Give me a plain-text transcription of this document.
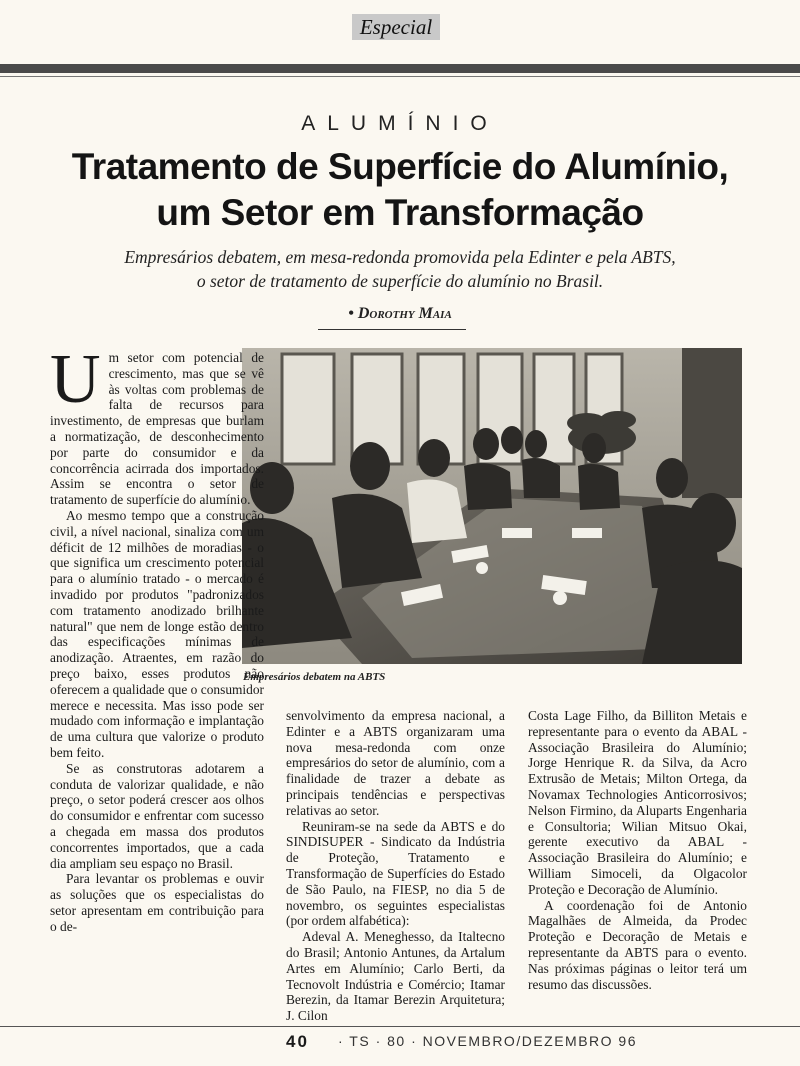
Especial
ALUMÍNIO
Tratamento de Superfície do Alumínio,
um Setor em Transformação
Empresários debatem, em mesa-redonda promovida pela Edinter e pela ABTS,
o setor de tratamento de superfície do alumínio no Brasil.
• Dorothy Maia
Empresários debatem na ABTS
U m setor com potencial de crescimento, mas que se vê às voltas com problemas de falta de recursos para investimento, de empresas que burlam a normatização, de desconhecimento por parte do consumidor e da concorrência acirrada dos importados. Assim se encontra o setor de tratamento de superfície do alumínio.

Ao mesmo tempo que a construção civil, a nível nacional, sinaliza com um déficit de 12 milhões de moradias - o que significa um crescimento potencial para o alumínio tratado - o mercado é invadido por produtos "padronizados com tratamento anodizado brilhante natural" que nem de longe estão dentro das especificações mínimas de anodização. Atraentes, em razão do preço baixo, esses produtos não oferecem a qualidade que o consumidor merece e necessita. Mas isso pode ser mudado com informação e implantação de uma cultura que valorize o produto bem feito.

Se as construtoras adotarem a conduta de valorizar qualidade, e não preço, o setor poderá crescer aos olhos do consumidor e enfrentar com sucesso a chegada em massa dos produtos concorrentes importados, que a cada dia ampliam seu espaço no Brasil.

Para levantar os problemas e ouvir as soluções que os especialistas do setor apresentam em contribuição para o de-

senvolvimento da empresa nacional, a Edinter e a ABTS organizaram uma nova mesa-redonda com onze empresários do setor de alumínio, com a finalidade de trazer a debate as principais tendências e perspectivas relativas ao setor.

Reuniram-se na sede da ABTS e do SINDISUPER - Sindicato da Indústria de Proteção, Tratamento e Transformação de Superfícies do Estado de São Paulo, na FIESP, no dia 5 de novembro, os seguintes especialistas (por ordem alfabética):

Adeval A. Meneghesso, da Italtecno do Brasil; Antonio Antunes, da Artalum Artes em Alumínio; Carlo Berti, da Tecnovolt Indústria e Comércio; Itamar Berezin, da Itamar Berezin Arquitetura; J. Cilon

Costa Lage Filho, da Billiton Metais e representante para o evento da ABAL - Associação Brasileira do Alumínio; Jorge Henrique R. da Silva, da Acro Extrusão de Metais; Milton Ortega, da Novamax Technologies Anticorrosivos; Nelson Firmino, da Aluparts Engenharia e Consultoria; Wilian Mitsuo Okai, gerente executivo da ABAL - Associação Brasileira do Alumínio; e William Simoceli, da Olgacolor Proteção e Decoração de Alumínio.

A coordenação foi de Antonio Magalhães de Almeida, da Prodec Proteção e Decoração de Metais e representante da ABTS para o evento. Nas próximas páginas o leitor terá um resumo das discussões.

40 · TS · 80 · NOVEMBRO/DEZEMBRO 96
